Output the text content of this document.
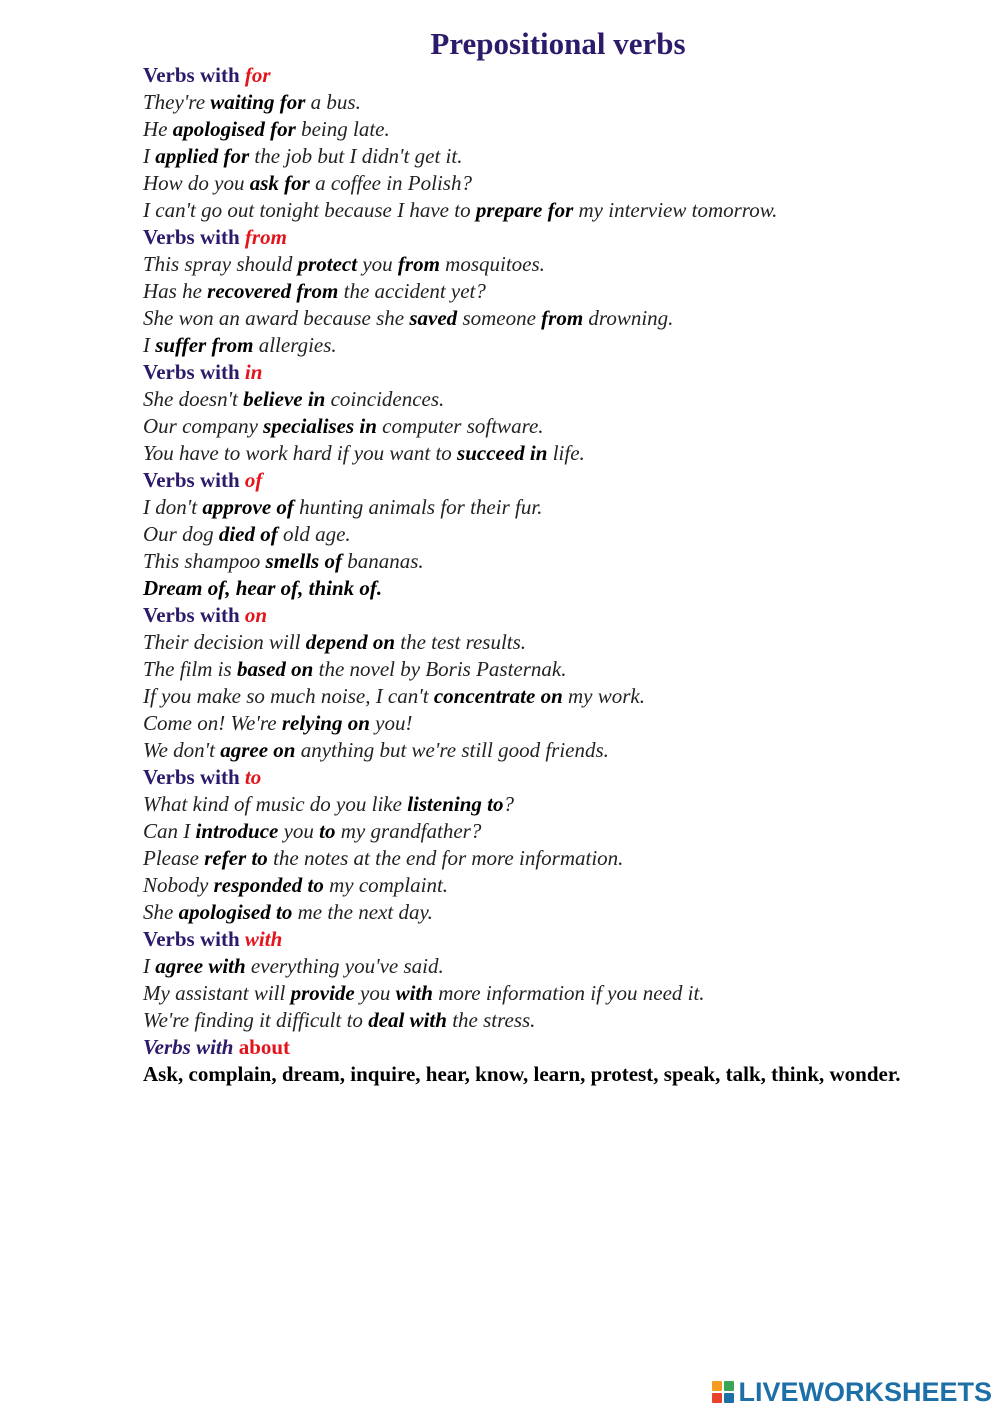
Prepositional verbs
Verbs with for
They're waiting for a bus.
He apologised for being late.
I applied for the job but I didn't get it.
How do you ask for a coffee in Polish?
I can't go out tonight because I have to prepare for my interview tomorrow.
Verbs with from
This spray should protect you from mosquitoes.
Has he recovered from the accident yet?
She won an award because she saved someone from drowning.
I suffer from allergies.
Verbs with in
She doesn't believe in coincidences.
Our company specialises in computer software.
You have to work hard if you want to succeed in life.
Verbs with of
I don't approve of hunting animals for their fur.
Our dog died of old age.
This shampoo smells of bananas.
Dream of, hear of, think of.
Verbs with on
Their decision will depend on the test results.
The film is based on the novel by Boris Pasternak.
If you make so much noise, I can't concentrate on my work.
Come on! We're relying on you!
We don't agree on anything but we're still good friends.
Verbs with to
What kind of music do you like listening to?
Can I introduce you to my grandfather?
Please refer to the notes at the end for more information.
Nobody responded to my complaint.
She apologised to me the next day.
Verbs with with
I agree with everything you've said.
My assistant will provide you with more information if you need it.
We're finding it difficult to deal with the stress.
Verbs with about
Ask, complain, dream, inquire, hear, know, learn, protest, speak, talk, think, wonder.
LIVEWORKSHEETS
